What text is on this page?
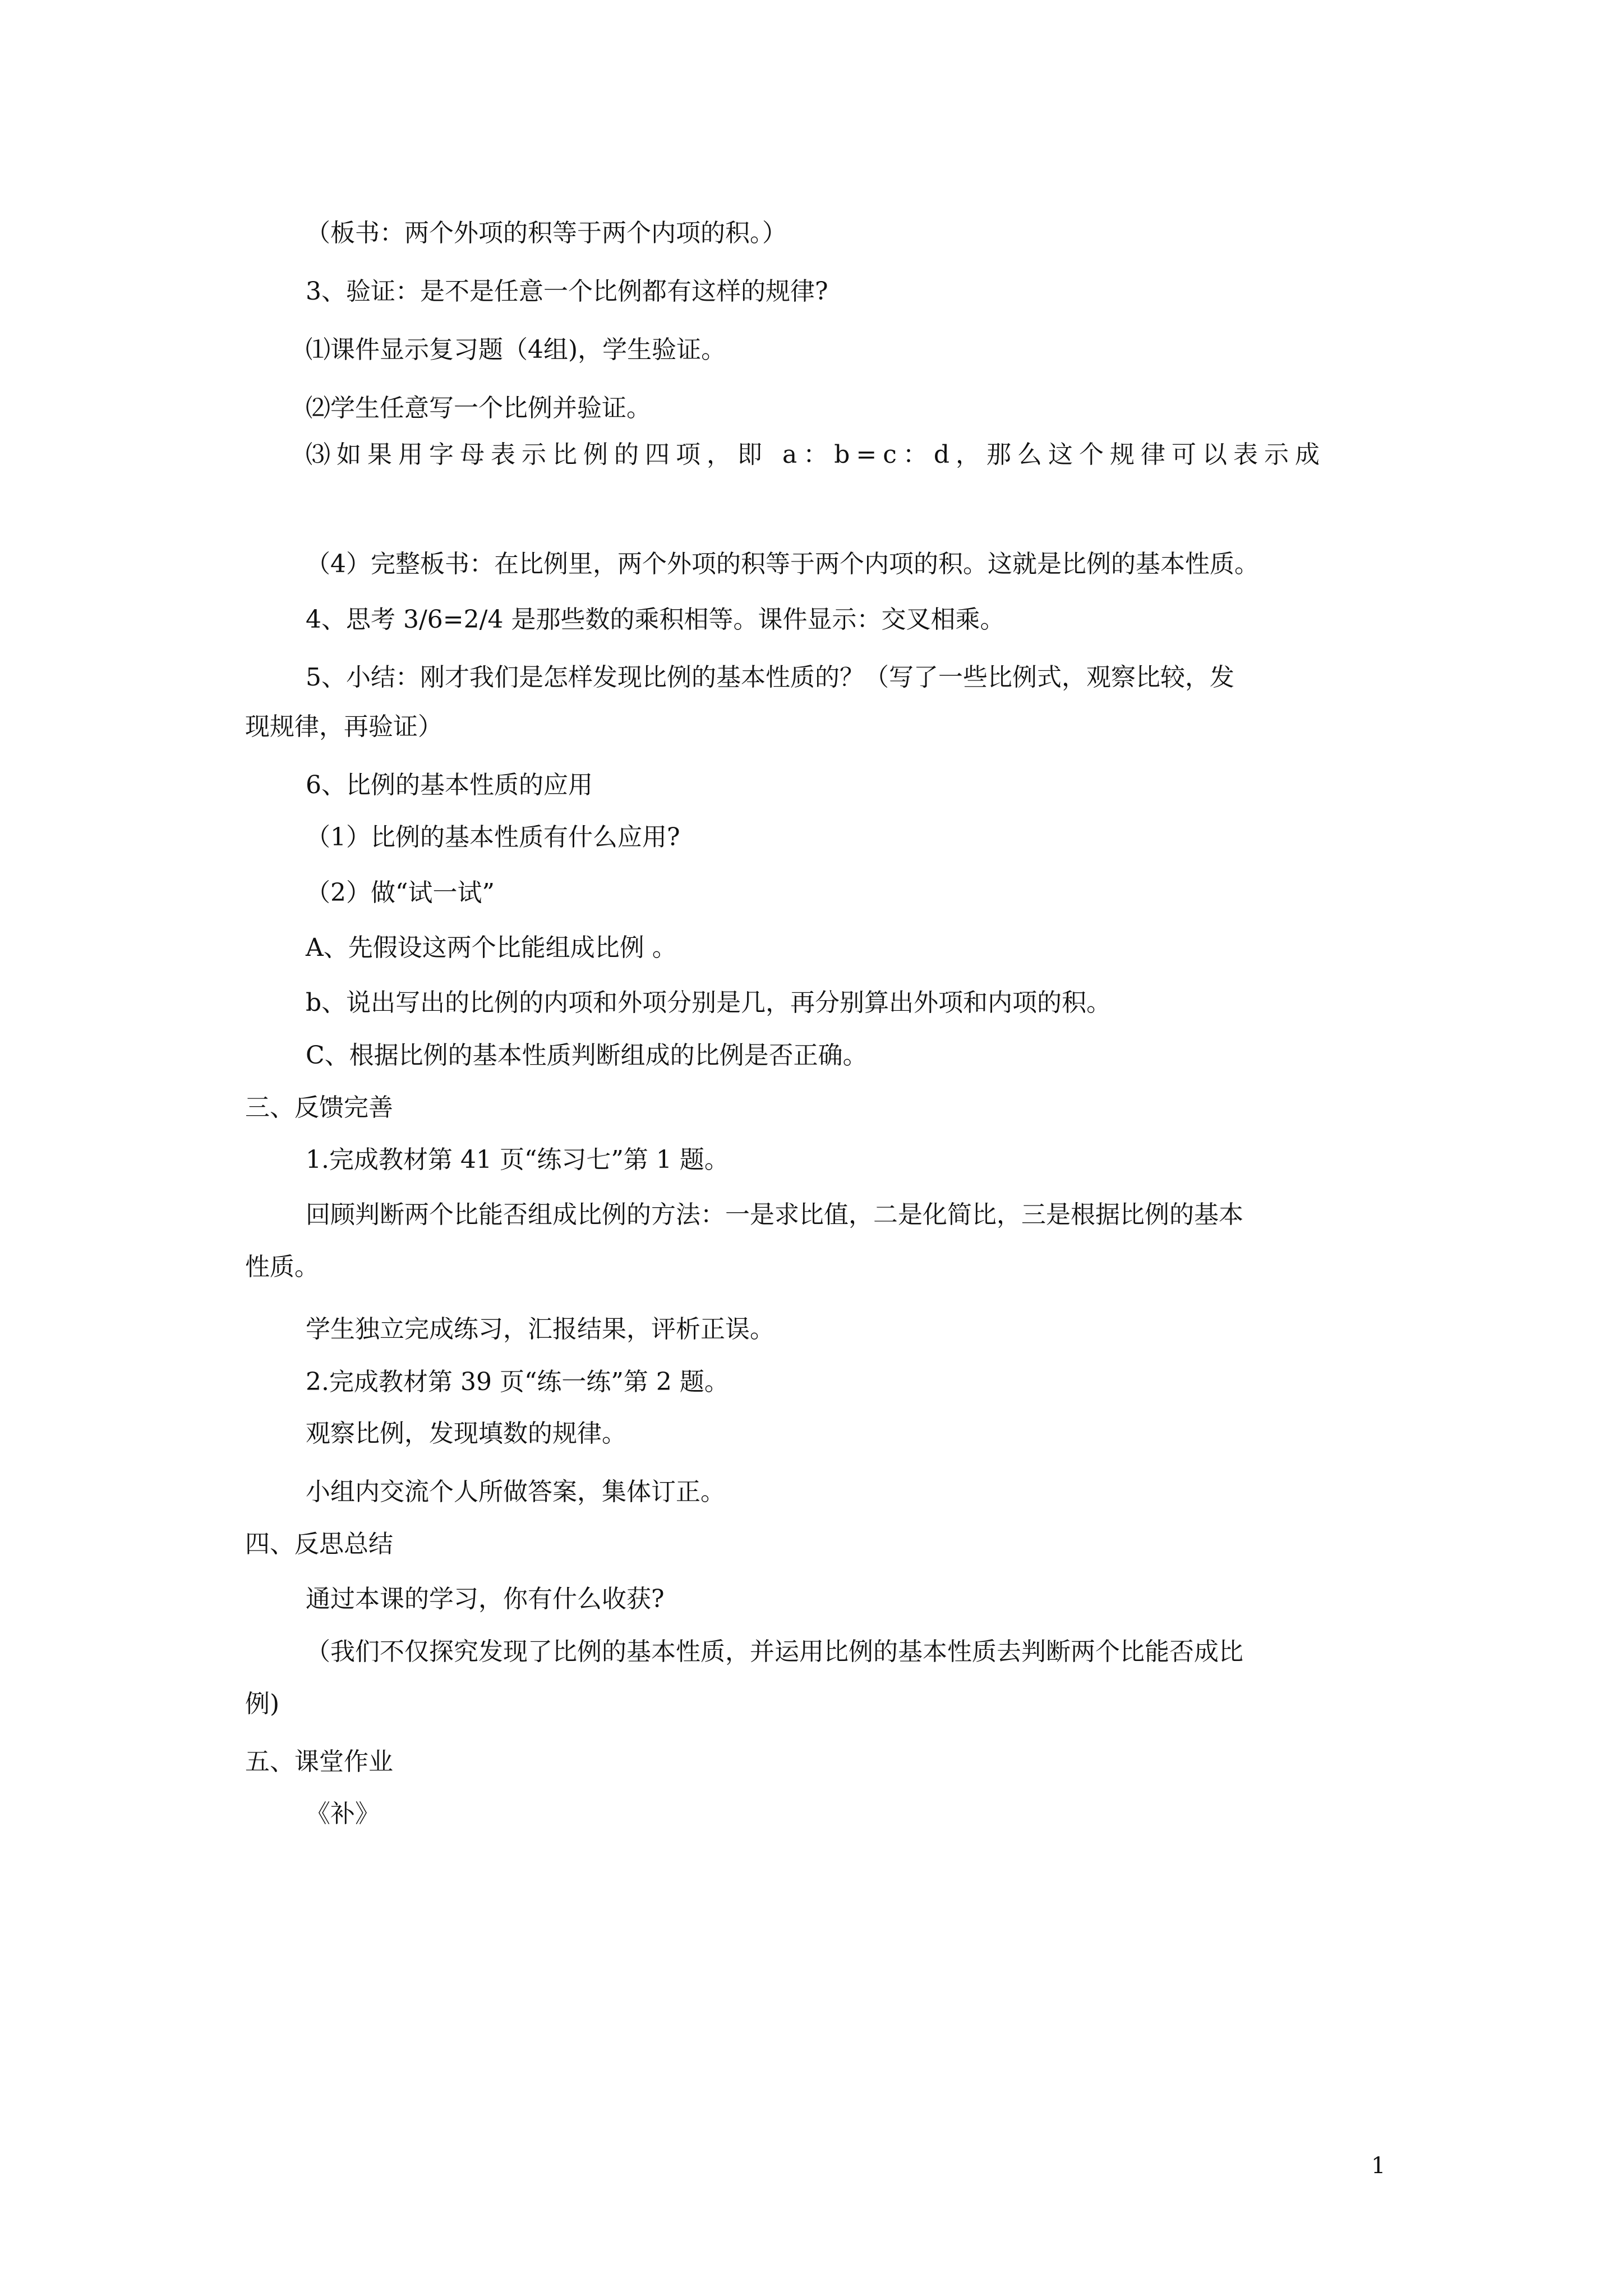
（板书：两个外项的积等于两个内项的积。）
3、验证：是不是任意一个比例都有这样的规律?
⑴课件显示复习题（4组)，学生验证。
⑵学生任意写一个比例并验证。
⑶如果用字母表示比例的四项，即 a：b=c：d，那么这个规律可以表示成
（4）完整板书：在比例里，两个外项的积等于两个内项的积。这就是比例的基本性质。
4、思考 3/6=2/4 是那些数的乘积相等。课件显示：交叉相乘。
5、小结：刚才我们是怎样发现比例的基本性质的？（写了一些比例式，观察比较，发
现规律，再验证）
6、比例的基本性质的应用
（1）比例的基本性质有什么应用?
（2）做“试一试”
A、先假设这两个比能组成比例 。
b、说出写出的比例的内项和外项分别是几，再分别算出外项和内项的积。
C、根据比例的基本性质判断组成的比例是否正确。
三、反馈完善
1.完成教材第 41 页“练习七”第 1 题。
回顾判断两个比能否组成比例的方法：一是求比值，二是化简比，三是根据比例的基本
性质。
学生独立完成练习，汇报结果，评析正误。
2.完成教材第 39 页“练一练”第 2 题。
观察比例，发现填数的规律。
小组内交流个人所做答案，集体订正。
四、反思总结
通过本课的学习，你有什么收获?
（我们不仅探究发现了比例的基本性质，并运用比例的基本性质去判断两个比能否成比
例)
五、课堂作业
《补》
1
